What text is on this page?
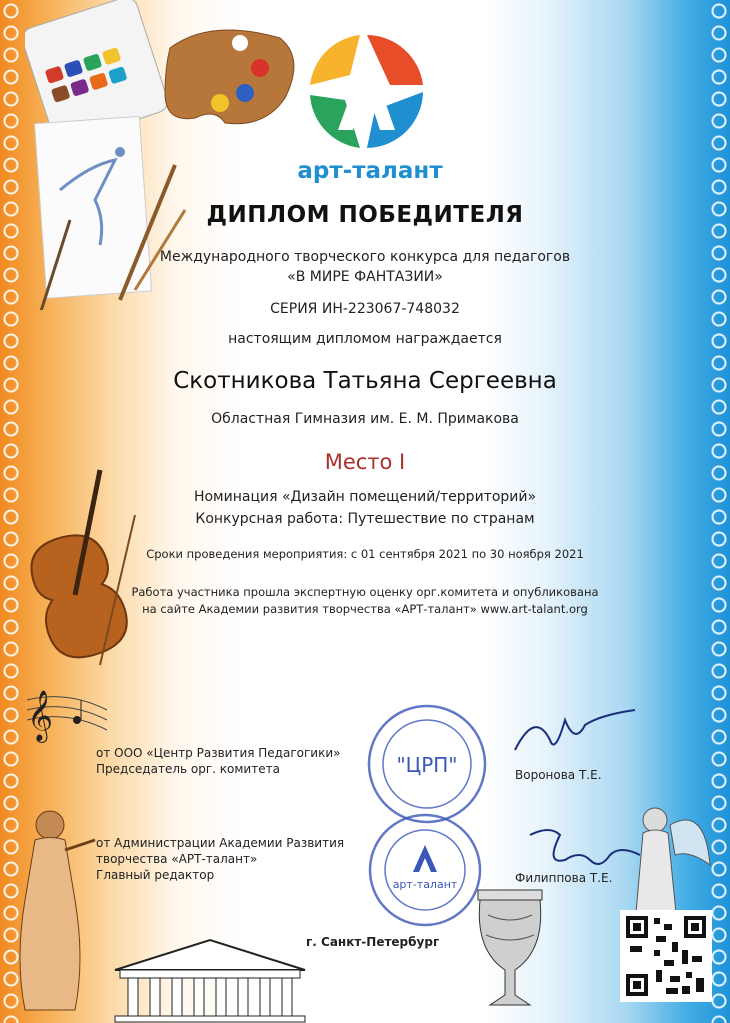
арт-талант
ДИПЛОМ ПОБЕДИТЕЛЯ
Международного творческого конкурса для педагогов
«В МИРЕ ФАНТАЗИИ»
СЕРИЯ ИН-223067-748032
настоящим дипломом награждается
Скотникова Татьяна Сергеевна
Областная Гимназия им. Е. М. Примакова
Место I
Номинация «Дизайн помещений/территорий»
Конкурсная работа: Путешествие по странам
Сроки проведения мероприятия: с 01 сентября 2021 по 30 ноября 2021
Работа участника прошла экспертную оценку орг.комитета и опубликована
на сайте Академии развития творчества «АРТ-талант» www.art-talant.org
𝄞
от ООО «Центр Развития Педагогики»
Председатель орг. комитета	Воронова Т.Е.
от Администрации Академии Развития
творчества «АРТ-талант»
Главный редактор	Филиппова Т.Е.
"ЦРП"
арт-талант
г. Санкт-Петербург
